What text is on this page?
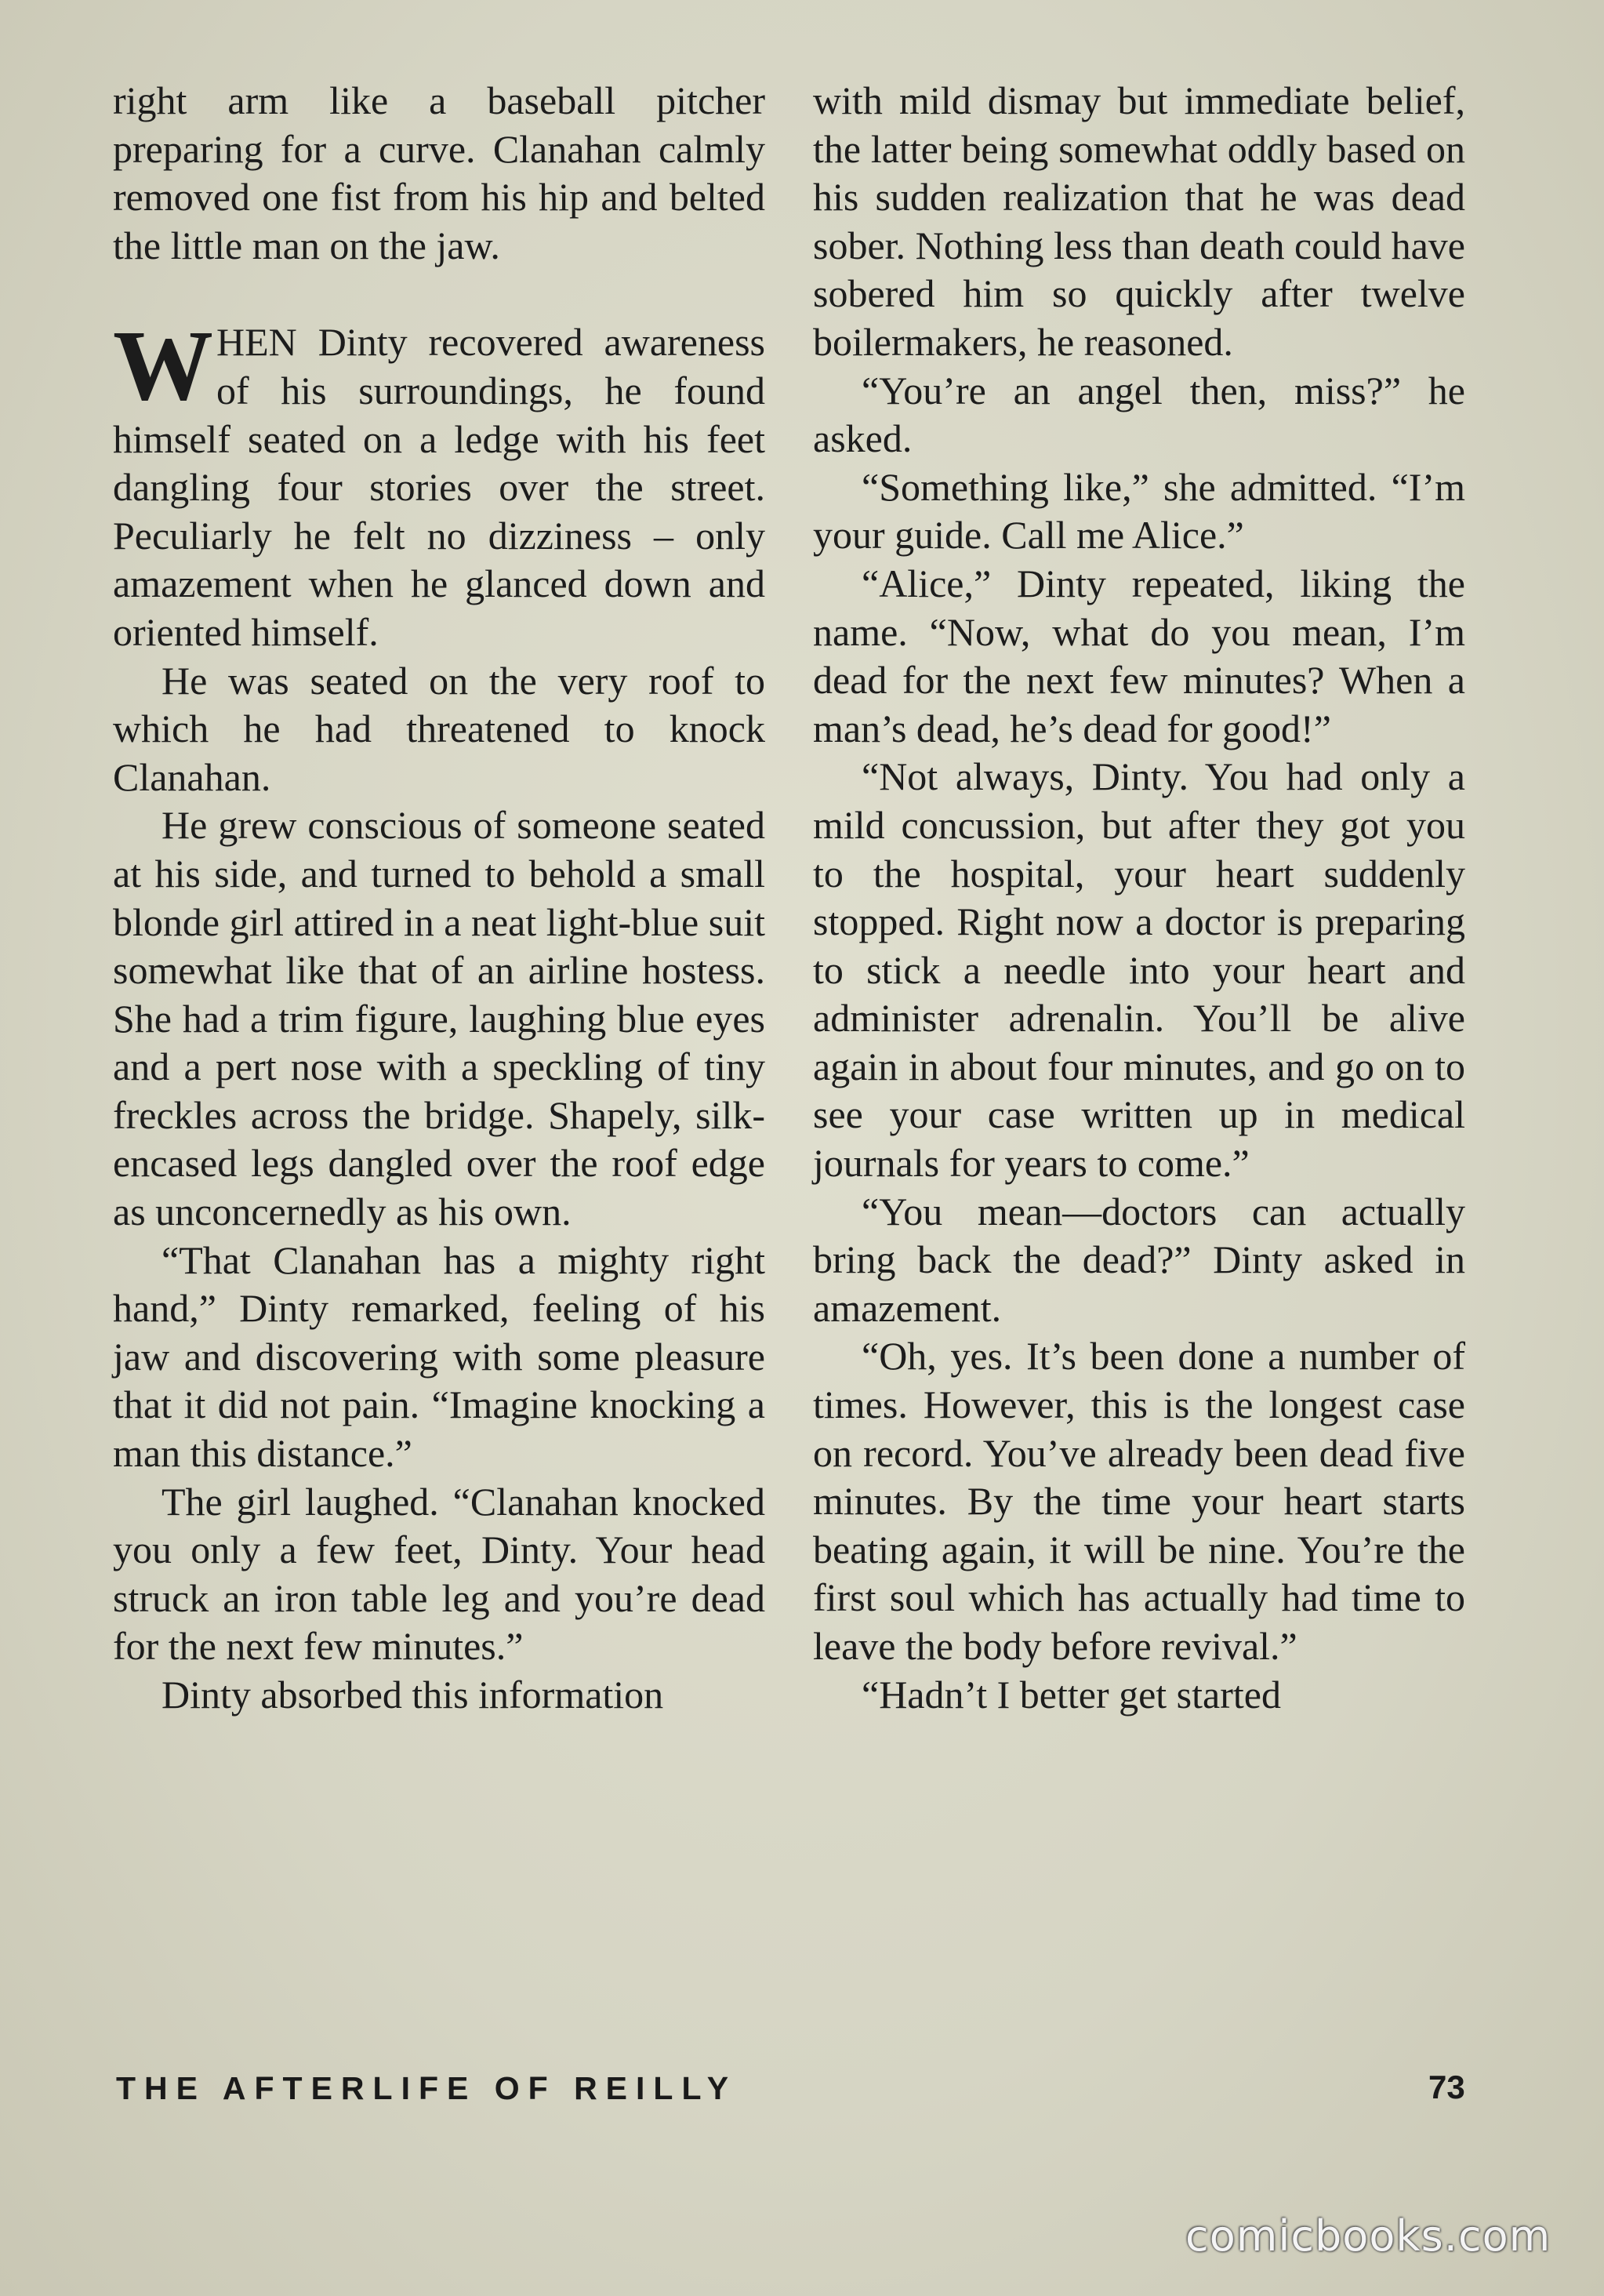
right arm like a baseball pitcher preparing for a curve. Clanahan calmly removed one fist from his hip and belted the little man on the jaw.

WHEN Dinty recovered awareness of his surroundings, he found himself seated on a ledge with his feet dangling four stories over the street. Peculiarly he felt no dizziness – only amazement when he glanced down and oriented himself.

He was seated on the very roof to which he had threatened to knock Clanahan.

He grew conscious of someone seated at his side, and turned to behold a small blonde girl attired in a neat light-blue suit somewhat like that of an airline hostess. She had a trim figure, laughing blue eyes and a pert nose with a speckling of tiny freckles across the bridge. Shapely, silk-encased legs dangled over the roof edge as unconcernedly as his own.

“That Clanahan has a mighty right hand,” Dinty remarked, feeling of his jaw and discovering with some pleasure that it did not pain. “Imagine knocking a man this distance.”

The girl laughed. “Clanahan knocked you only a few feet, Dinty. Your head struck an iron table leg and you’re dead for the next few minutes.”

Dinty absorbed this information

with mild dismay but immediate belief, the latter being somewhat oddly based on his sudden realization that he was dead sober. Nothing less than death could have sobered him so quickly after twelve boilermakers, he reasoned.

“You’re an angel then, miss?” he asked.

“Something like,” she admitted. “I’m your guide. Call me Alice.”

“Alice,” Dinty repeated, liking the name. “Now, what do you mean, I’m dead for the next few minutes? When a man’s dead, he’s dead for good!”

“Not always, Dinty. You had only a mild concussion, but after they got you to the hospital, your heart suddenly stopped. Right now a doctor is preparing to stick a needle into your heart and administer adrenalin. You’ll be alive again in about four minutes, and go on to see your case written up in medical journals for years to come.”

“You mean—doctors can actually bring back the dead?” Dinty asked in amazement.

“Oh, yes. It’s been done a number of times. However, this is the longest case on record. You’ve already been dead five minutes. By the time your heart starts beating again, it will be nine. You’re the first soul which has actually had time to leave the body before revival.”

“Hadn’t I better get started

THE AFTERLIFE OF REILLY	73
comicbooks.com
